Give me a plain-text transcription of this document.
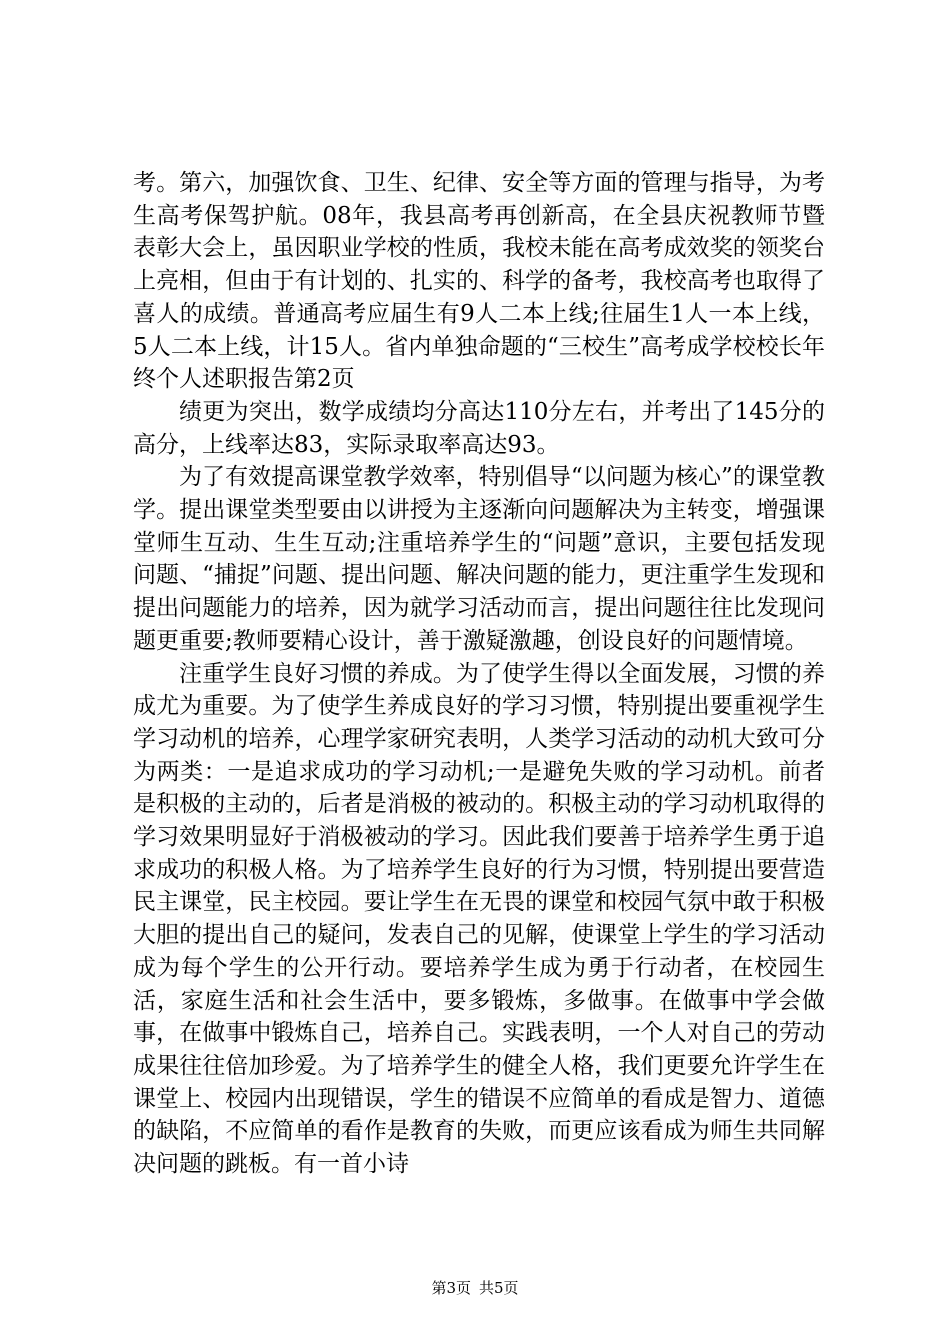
考。第六，加强饮食、卫生、纪律、安全等方面的管理与指导，为考生高考保驾护航。08年，我县高考再创新高，在全县庆祝教师节暨表彰大会上，虽因职业学校的性质，我校未能在高考成效奖的领奖台上亮相，但由于有计划的、扎实的、科学的备考，我校高考也取得了喜人的成绩。普通高考应届生有9人二本上线;往届生1人一本上线，5人二本上线，计15人。省内单独命题的“三校生”高考成学校校长年终个人述职报告第2页

绩更为突出，数学成绩均分高达110分左右，并考出了145分的高分，上线率达83，实际录取率高达93。

为了有效提高课堂教学效率，特别倡导“以问题为核心”的课堂教学。提出课堂类型要由以讲授为主逐渐向问题解决为主转变，增强课堂师生互动、生生互动;注重培养学生的“问题”意识，主要包括发现问题、“捕捉”问题、提出问题、解决问题的能力，更注重学生发现和提出问题能力的培养，因为就学习活动而言，提出问题往往比发现问题更重要;教师要精心设计，善于激疑激趣，创设良好的问题情境。

注重学生良好习惯的养成。为了使学生得以全面发展，习惯的养成尤为重要。为了使学生养成良好的学习习惯，特别提出要重视学生学习动机的培养，心理学家研究表明，人类学习活动的动机大致可分为两类：一是追求成功的学习动机;一是避免失败的学习动机。前者是积极的主动的，后者是消极的被动的。积极主动的学习动机取得的学习效果明显好于消极被动的学习。因此我们要善于培养学生勇于追求成功的积极人格。为了培养学生良好的行为习惯，特别提出要营造民主课堂，民主校园。要让学生在无畏的课堂和校园气氛中敢于积极大胆的提出自己的疑问，发表自己的见解，使课堂上学生的学习活动成为每个学生的公开行动。要培养学生成为勇于行动者，在校园生活，家庭生活和社会生活中，要多锻炼，多做事。在做事中学会做事，在做事中锻炼自己，培养自己。实践表明，一个人对自己的劳动成果往往倍加珍爱。为了培养学生的健全人格，我们更要允许学生在课堂上、校园内出现错误，学生的错误不应简单的看成是智力、道德的缺陷，不应简单的看作是教育的失败，而更应该看成为师生共同解决问题的跳板。有一首小诗

第3页 共5页
